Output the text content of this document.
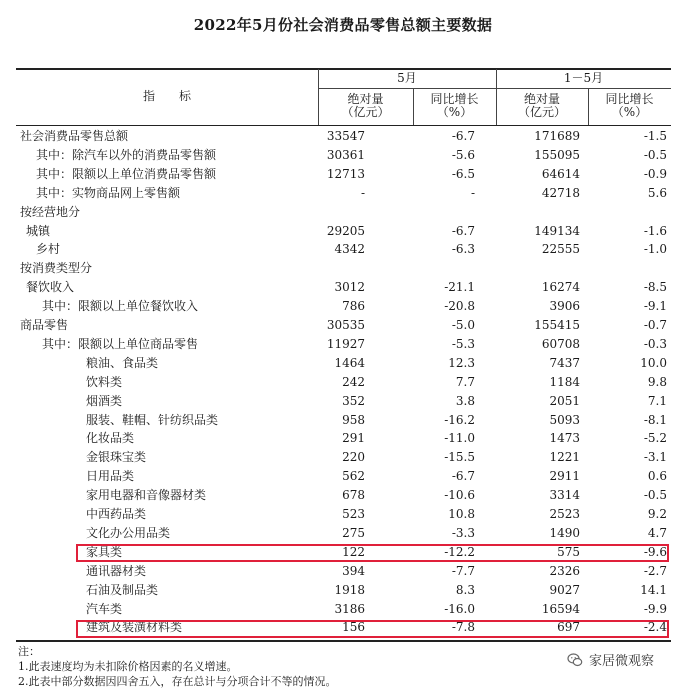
2022年5月份社会消费品零售总额主要数据
指　　标
5月	1－5月
绝对量
（亿元）
同比增长
（%）
绝对量
（亿元）
同比增长
（%）
社会消费品零售总额	33547	-6.7	171689	-1.5
其中：除汽车以外的消费品零售额	30361	-5.6	155095	-0.5
其中：限额以上单位消费品零售额	12713	-6.5	64614	-0.9
其中：实物商品网上零售额	-	-	42718	5.6
按经营地分
城镇	29205	-6.7	149134	-1.6
乡村	4342	-6.3	22555	-1.0
按消费类型分
餐饮收入	3012	-21.1	16274	-8.5
其中：限额以上单位餐饮收入	786	-20.8	3906	-9.1
商品零售	30535	-5.0	155415	-0.7
其中：限额以上单位商品零售	11927	-5.3	60708	-0.3
粮油、食品类	1464	12.3	7437	10.0
饮料类	242	7.7	1184	9.8
烟酒类	352	3.8	2051	7.1
服装、鞋帽、针纺织品类	958	-16.2	5093	-8.1
化妆品类	291	-11.0	1473	-5.2
金银珠宝类	220	-15.5	1221	-3.1
日用品类	562	-6.7	2911	0.6
家用电器和音像器材类	678	-10.6	3314	-0.5
中西药品类	523	10.8	2523	9.2
文化办公用品类	275	-3.3	1490	4.7
家具类	122	-12.2	575	-9.6
通讯器材类	394	-7.7	2326	-2.7
石油及制品类	1918	8.3	9027	14.1
汽车类	3186	-16.0	16594	-9.9
建筑及装潢材料类	156	-7.8	697	-2.4
注：
1.此表速度均为未扣除价格因素的名义增速。
2.此表中部分数据因四舍五入，存在总计与分项合计不等的情况。
家居微观察
